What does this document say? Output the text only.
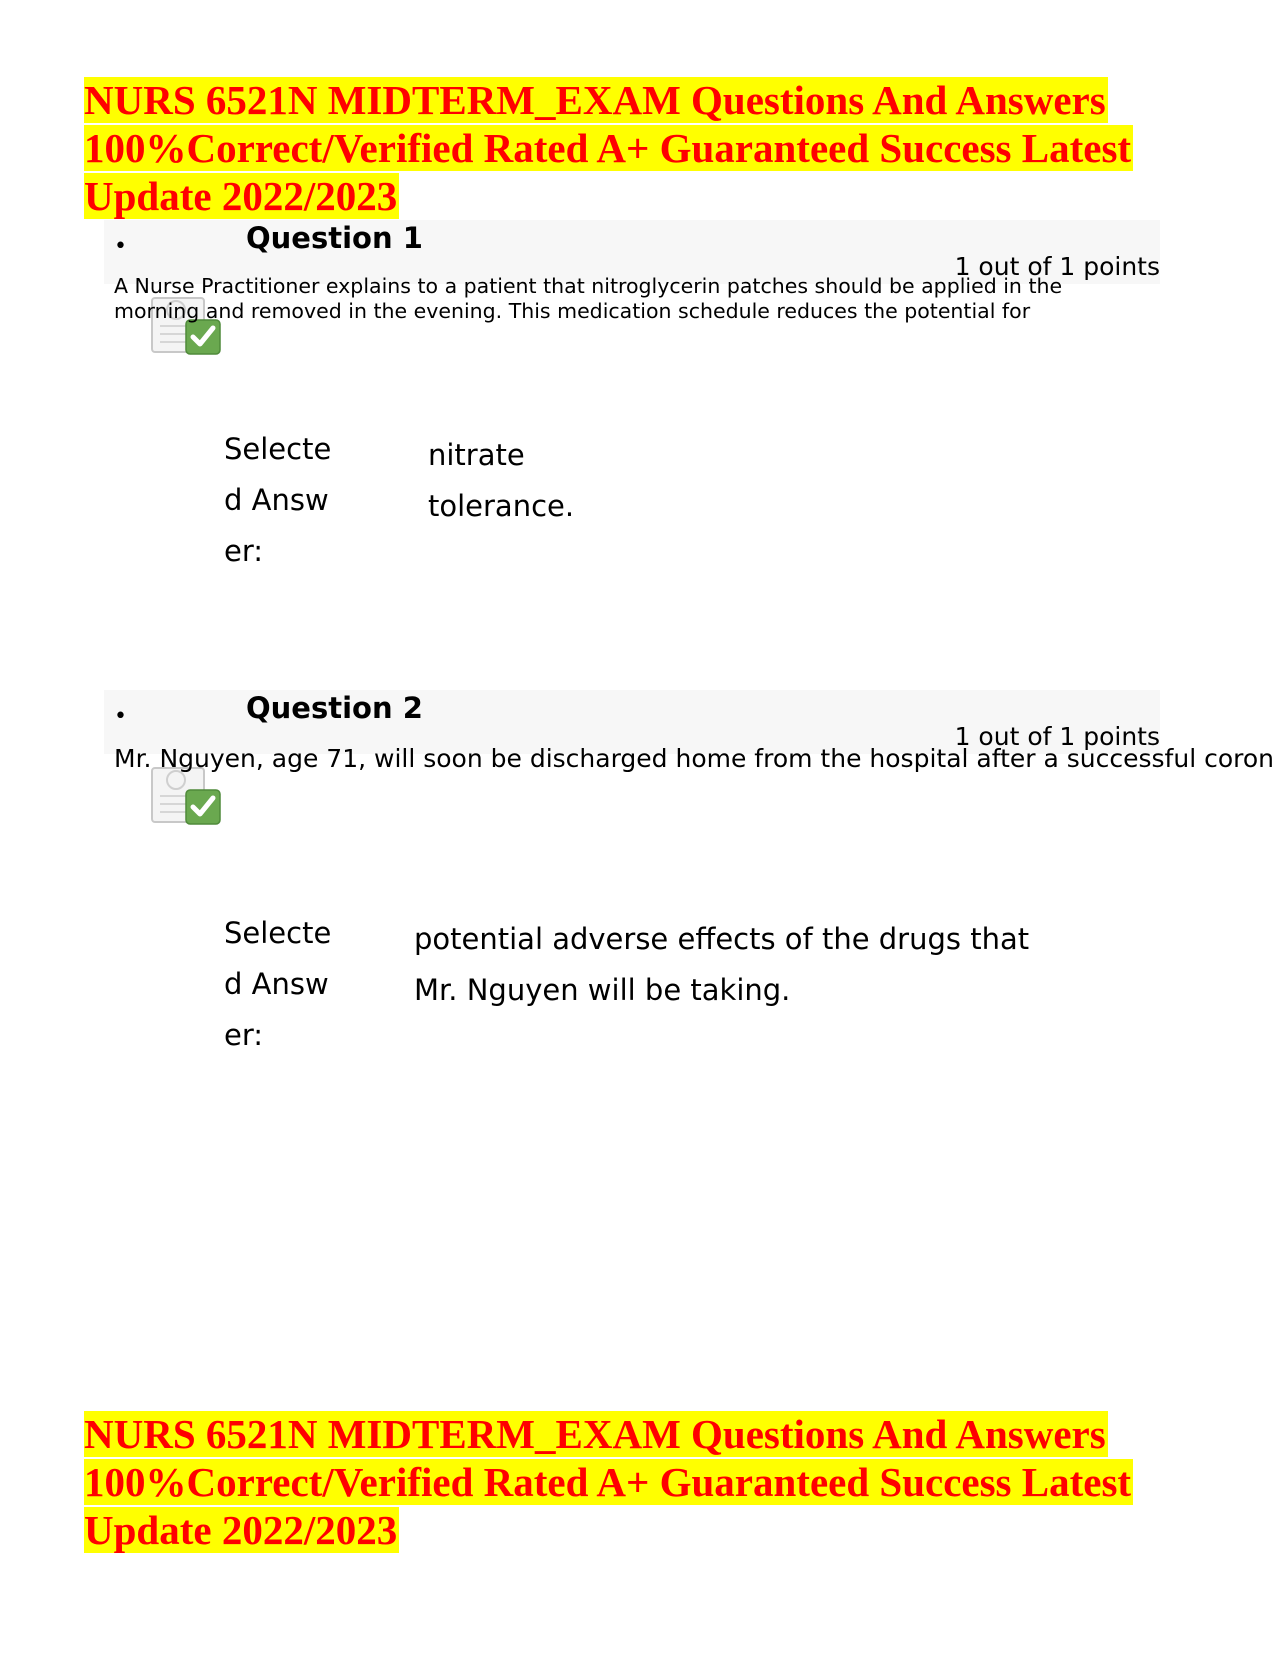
NURS 6521N MIDTERM_EXAM Questions And Answers 100%Correct/Verified Rated A+ Guaranteed Success Latest Update 2022/2023
•	Question 1
1 out of 1 points

A Nurse Practitioner explains to a patient that nitroglycerin patches should be applied in the morning and removed in the evening. This medication schedule reduces the potential for

Selected Answer:
nitrate tolerance.
•	Question 2
1 out of 1 points

Mr. Nguyen, age 71, will soon be discharged home from the hospital after a successful coron

Selected Answer:
potential adverse effects of the drugs that Mr. Nguyen will be taking.
NURS 6521N MIDTERM_EXAM Questions And Answers 100%Correct/Verified Rated A+ Guaranteed Success Latest Update 2022/2023
